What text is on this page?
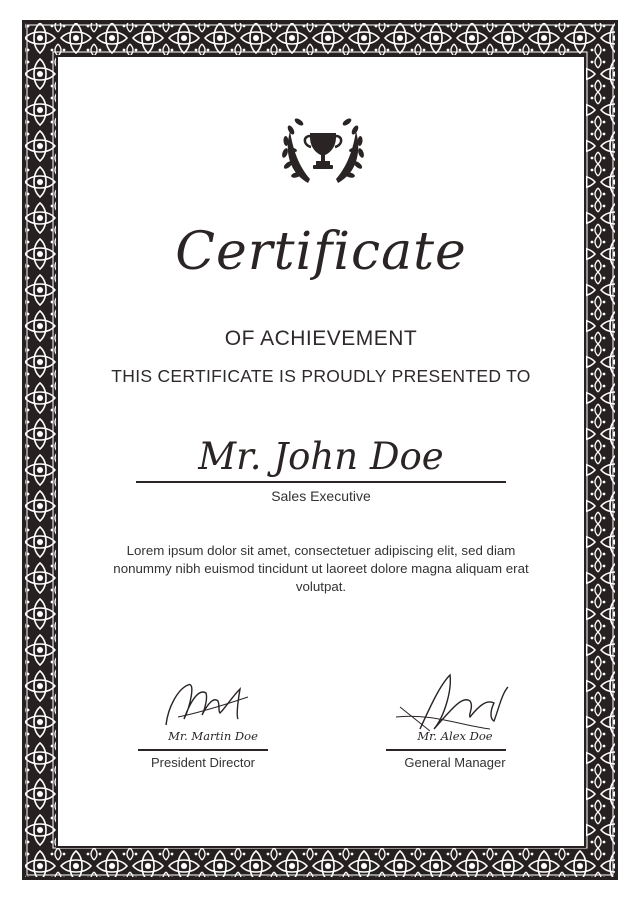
Certificate
OF ACHIEVEMENT
THIS CERTIFICATE IS PROUDLY PRESENTED TO
Mr. John Doe
Sales Executive
Lorem ipsum dolor sit amet, consectetuer adipiscing elit, sed diam nonummy nibh euismod tincidunt ut laoreet dolore magna aliquam erat volutpat.
Mr. Martin Doe
President Director
Mr. Alex Doe
General Manager
